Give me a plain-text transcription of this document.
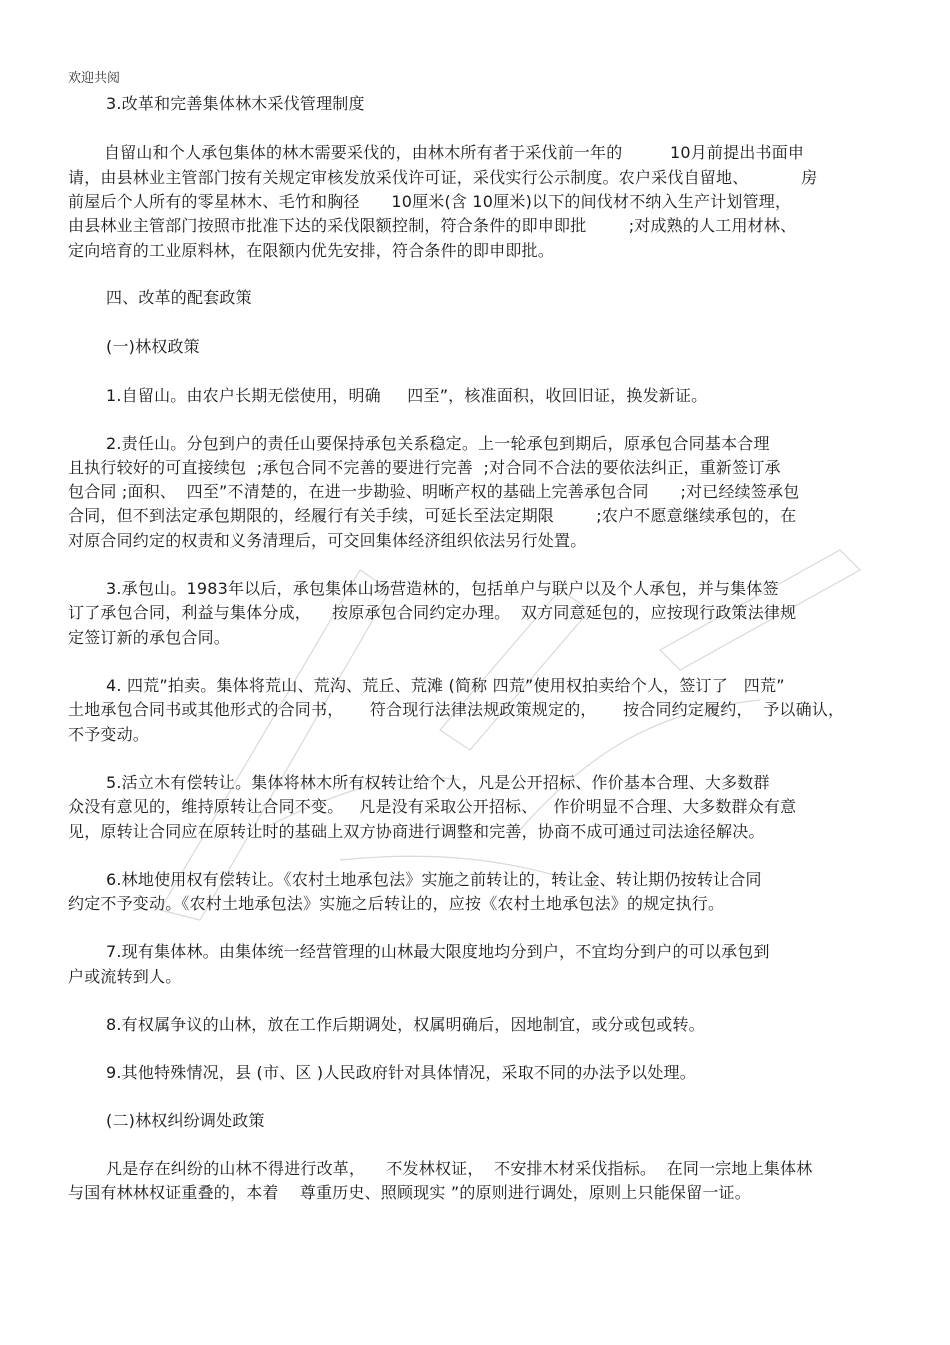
欢迎共阅
3.改革和完善集体林木采伐管理制度
自留山和个人承包集体的林木需要采伐的，由林木所有者于采伐前一年的         10月前提出书面申
请，由县林业主管部门按有关规定审核发放采伐许可证，采伐实行公示制度。农户采伐自留地、          房
前屋后个人所有的零星林木、毛竹和胸径      10厘米(含 10厘米)以下的间伐材不纳入生产计划管理，
由县林业主管部门按照市批准下达的采伐限额控制，符合条件的即申即批        ;对成熟的人工用材林、
定向培育的工业原料林，在限额内优先安排，符合条件的即申即批。
四、改革的配套政策
(一)林权政策
1.自留山。由农户长期无偿使用，明确     四至”，核准面积，收回旧证，换发新证。
2.责任山。分包到户的责任山要保持承包关系稳定。上一轮承包到期后，原承包合同基本合理
且执行较好的可直接续包  ;承包合同不完善的要进行完善  ;对合同不合法的要依法纠正，重新签订承
包合同 ;面积、  四至”不清楚的，在进一步勘验、明晰产权的基础上完善承包合同      ;对已经续签承包
合同，但不到法定承包期限的，经履行有关手续，可延长至法定期限        ;农户不愿意继续承包的，在
对原合同约定的权责和义务清理后，可交回集体经济组织依法另行处置。
3.承包山。1983年以后，承包集体山场营造林的，包括单户与联户以及个人承包，并与集体签
订了承包合同，利益与集体分成，    按原承包合同约定办理。  双方同意延包的，应按现行政策法律规
定签订新的承包合同。
4. 四荒”拍卖。集体将荒山、荒沟、荒丘、荒滩 (简称 四荒”使用权拍卖给个人，签订了   四荒”
土地承包合同书或其他形式的合同书，     符合现行法律法规政策规定的，     按合同约定履约，  予以确认，
不予变动。
5.活立木有偿转让。集体将林木所有权转让给个人，凡是公开招标、作价基本合理、大多数群
众没有意见的，维持原转让合同不变。   凡是没有采取公开招标、   作价明显不合理、大多数群众有意
见，原转让合同应在原转让时的基础上双方协商进行调整和完善，协商不成可通过司法途径解决。
6.林地使用权有偿转让。《农村土地承包法》实施之前转让的，转让金、转让期仍按转让合同
约定不予变动。《农村土地承包法》实施之后转让的，应按《农村土地承包法》的规定执行。
7.现有集体林。由集体统一经营管理的山林最大限度地均分到户，不宜均分到户的可以承包到
户或流转到人。
8.有权属争议的山林，放在工作后期调处，权属明确后，因地制宜，或分或包或转。
9.其他特殊情况，县 (市、区 )人民政府针对具体情况，采取不同的办法予以处理。
(二)林权纠纷调处政策
凡是存在纠纷的山林不得进行改革，    不发林权证，  不安排木材采伐指标。  在同一宗地上集体林
与国有林林权证重叠的，本着    尊重历史、照顾现实 ”的原则进行调处，原则上只能保留一证。
